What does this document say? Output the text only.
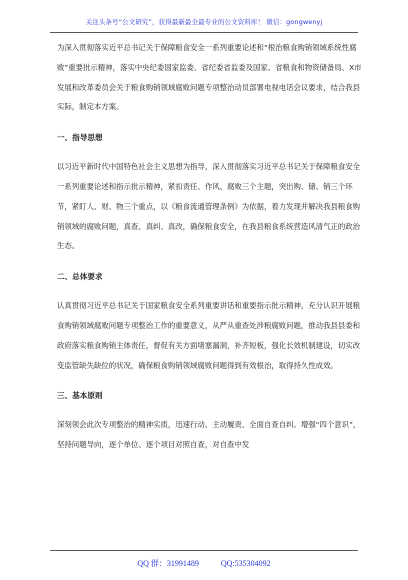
关注头条号“公文研究”，获得最新最全最专业的公文资料库！ 微信：gongwenyj

为深入贯彻落实近平总书记关于保障粮食安全一系列重要论述和“根治粮食购销领域系统性腐败”重要批示精神，落实中央纪委国家监委、省纪委省监委及国家、省粮食和物资储备局、X市发展和改革委员会关于粮食购销领域腐败问题专项整治动员部署电视电话会议要求，结合我县实际，制定本方案。

一、指导思想

以习近平新时代中国特色社会主义思想为指导，深入贯彻落实习近平总书记关于保障粮食安全一系列重要论述和指示批示精神，紧扣责任、作风、腐败三个主题，突出购、储、销三个环节，紧盯人、财、物三个重点，以《粮食流通管理条例》为依据，着力发现并解决我县粮食购销领域的腐败问题，真查、真纠、真改，确保粮食安全，在我县粮食系统营造风清气正的政治生态。

二、总体要求

认真贯彻习近平总书记关于国家粮食安全系列重要讲话和重要指示批示精神，充分认识开展粮食购销领域腐败问题专项整治工作的重要意义，从严从重查处涉粮腐败问题，推动我县县委和政府落实粮食购销主体责任，督促有关方面堵塞漏洞，补齐短板，强化长效机制建设，切实改变监管缺失缺位的状况，确保粮食购销领域腐败问题得到有效根治，取得持久性成效。

三、基本原则

深刻领会此次专项整治的精神实质，迅速行动、主动履责、全面自查自纠。增强“四个意识”，坚持问题导向，逐个单位、逐个项目对照自查，对自查中发

QQ 群：31991489	QQ:535304092
